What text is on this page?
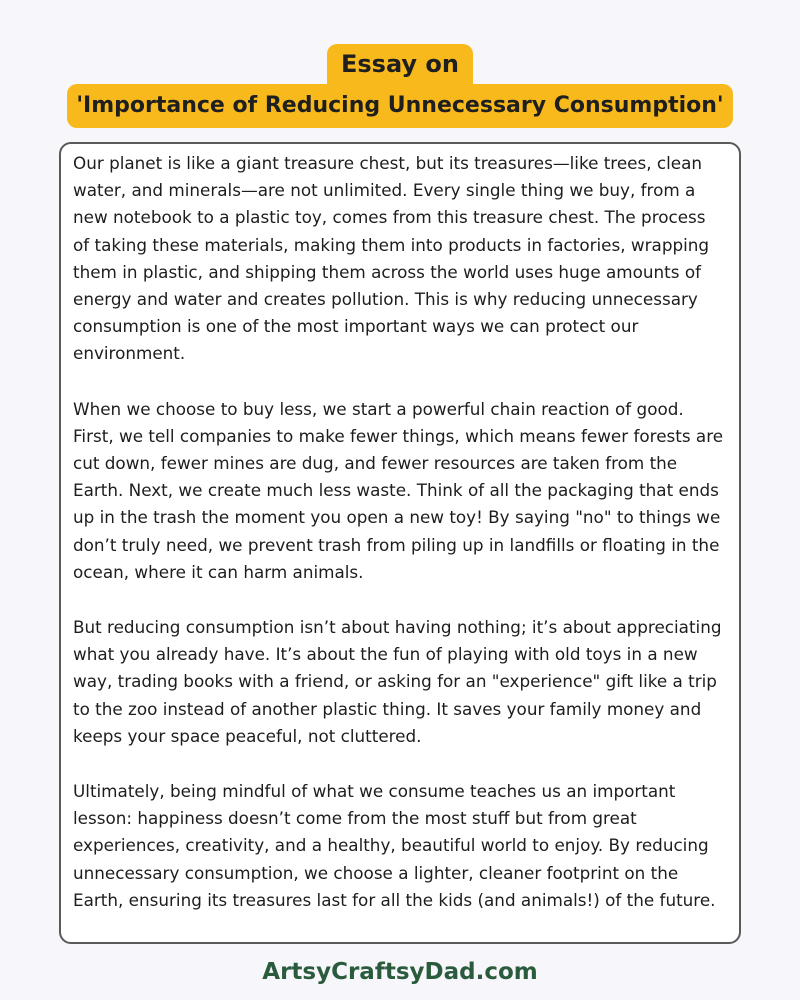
Essay on
'Importance of Reducing Unnecessary Consumption'

Our planet is like a giant treasure chest, but its treasures—like trees, clean water, and minerals—are not unlimited. Every single thing we buy, from a new notebook to a plastic toy, comes from this treasure chest. The process of taking these materials, making them into products in factories, wrapping them in plastic, and shipping them across the world uses huge amounts of energy and water and creates pollution. This is why reducing unnecessary consumption is one of the most important ways we can protect our environment.

When we choose to buy less, we start a powerful chain reaction of good. First, we tell companies to make fewer things, which means fewer forests are cut down, fewer mines are dug, and fewer resources are taken from the Earth. Next, we create much less waste. Think of all the packaging that ends up in the trash the moment you open a new toy! By saying "no" to things we don’t truly need, we prevent trash from piling up in landfills or floating in the ocean, where it can harm animals.

But reducing consumption isn’t about having nothing; it’s about appreciating what you already have. It’s about the fun of playing with old toys in a new way, trading books with a friend, or asking for an "experience" gift like a trip to the zoo instead of another plastic thing. It saves your family money and keeps your space peaceful, not cluttered.

Ultimately, being mindful of what we consume teaches us an important lesson: happiness doesn’t come from the most stuff but from great experiences, creativity, and a healthy, beautiful world to enjoy. By reducing unnecessary consumption, we choose a lighter, cleaner footprint on the Earth, ensuring its treasures last for all the kids (and animals!) of the future.

ArtsyCraftsyDad.com
